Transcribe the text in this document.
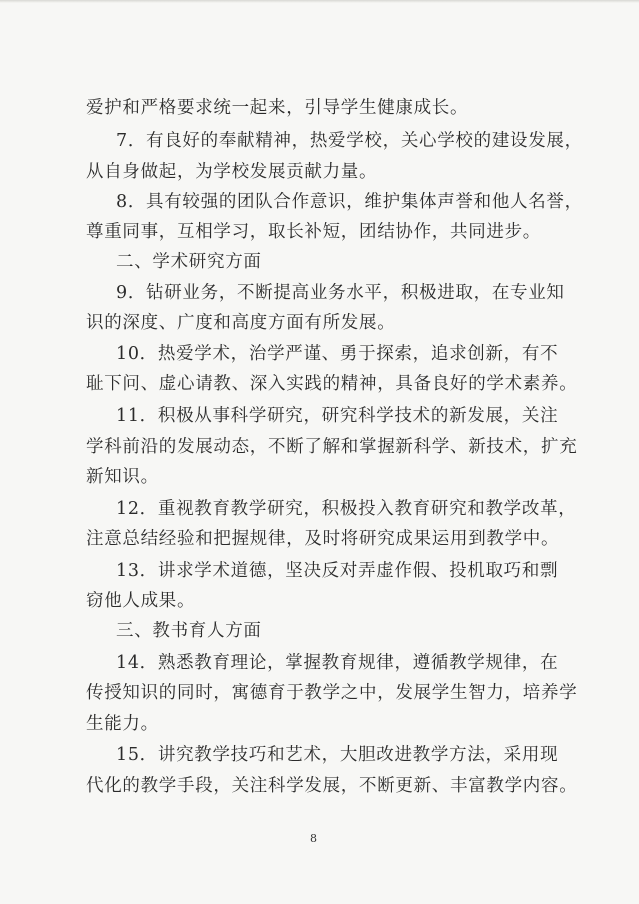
爱护和严格要求统一起来，引导学生健康成长。
7．有良好的奉献精神，热爱学校，关心学校的建设发展，
从自身做起，为学校发展贡献力量。
8．具有较强的团队合作意识，维护集体声誉和他人名誉，
尊重同事，互相学习，取长补短，团结协作，共同进步。
二、学术研究方面
9．钻研业务，不断提高业务水平，积极进取，在专业知
识的深度、广度和高度方面有所发展。
10．热爱学术，治学严谨、勇于探索，追求创新，有不
耻下问、虚心请教、深入实践的精神，具备良好的学术素养。
11．积极从事科学研究，研究科学技术的新发展，关注
学科前沿的发展动态，不断了解和掌握新科学、新技术，扩充
新知识。
12．重视教育教学研究，积极投入教育研究和教学改革，
注意总结经验和把握规律，及时将研究成果运用到教学中。
13．讲求学术道德，坚决反对弄虚作假、投机取巧和剽
窃他人成果。
三、教书育人方面
14．熟悉教育理论，掌握教育规律，遵循教学规律，在
传授知识的同时，寓德育于教学之中，发展学生智力，培养学
生能力。
15．讲究教学技巧和艺术，大胆改进教学方法，采用现
代化的教学手段，关注科学发展，不断更新、丰富教学内容。
8
